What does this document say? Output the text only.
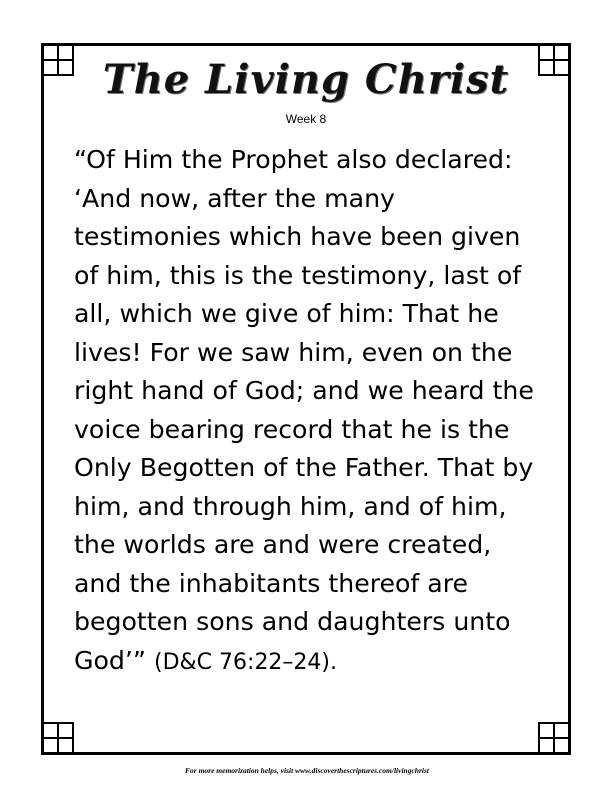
The Living Christ
Week 8

“Of Him the Prophet also declared:
‘And now, after the many
testimonies which have been given
of him, this is the testimony, last of
all, which we give of him: That he
lives! For we saw him, even on the
right hand of God; and we heard the
voice bearing record that he is the
Only Begotten of the Father. That by
him, and through him, and of him,
the worlds are and were created,
and the inhabitants thereof are
begotten sons and daughters unto
God’” (D&C 76:22–24).

For more memorization helps, visit www.discoverthescriptures.com/livingchrist
